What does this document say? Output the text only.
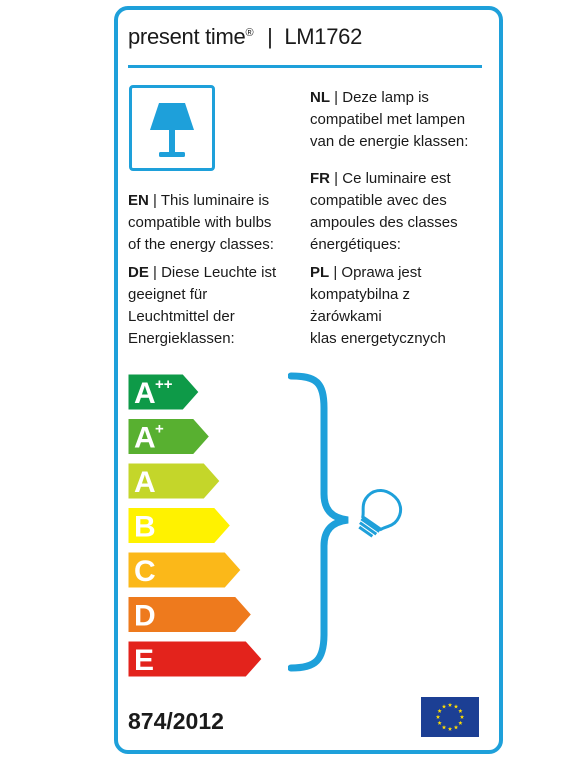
present time® | LM1762
EN | This luminaire is
compatible with bulbs
of the energy classes:
DE | Diese Leuchte ist
geeignet für
Leuchtmittel der
Energieklassen:
NL | Deze lamp is
compatibel met lampen
van de energie klassen:
FR | Ce luminaire est
compatible avec des
ampoules des classes
énergétiques:
PL | Oprawa jest
kompatybilna z
żarówkami
klas energetycznych
A ++
A +
A
B
C
D
E
874/2012
